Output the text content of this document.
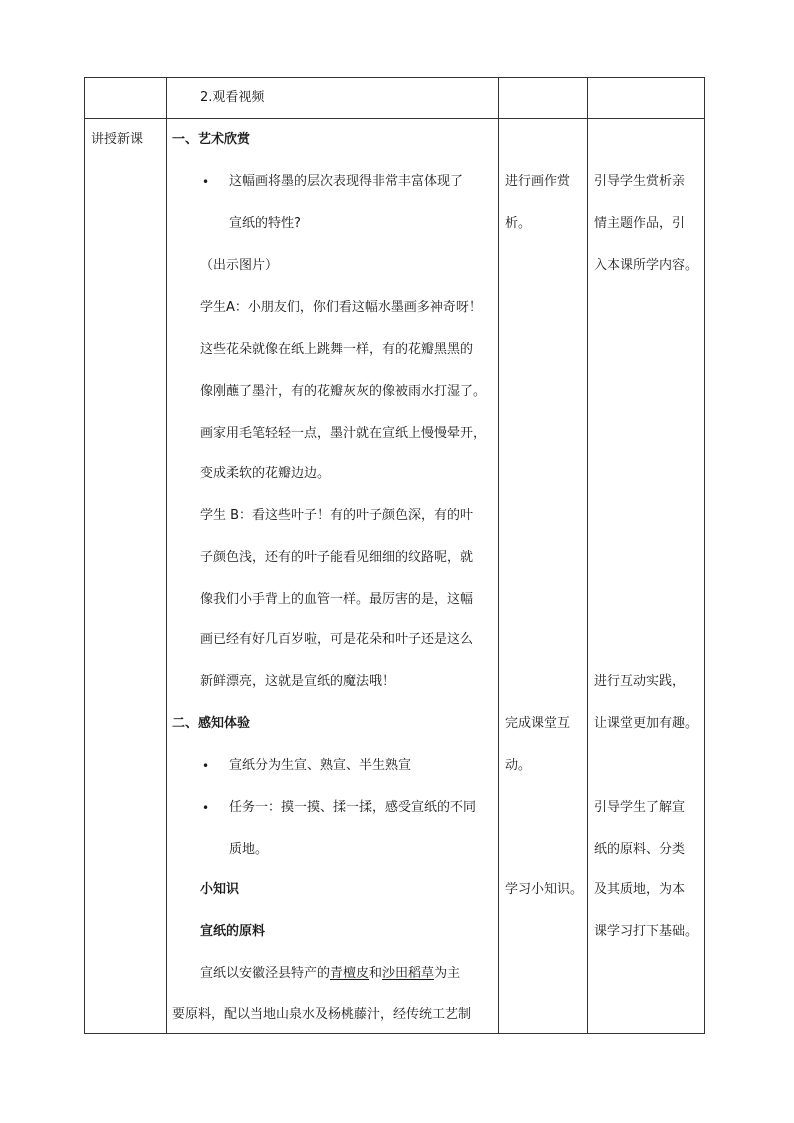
2.观看视频
讲授新课 一、艺术欣赏
• 这幅画将墨的层次表现得非常丰富体现了
宣纸的特性?
（出示图片）
学生A：小朋友们，你们看这幅水墨画多神奇呀！
这些花朵就像在纸上跳舞一样，有的花瓣黑黑的
像刚蘸了墨汁，有的花瓣灰灰的像被雨水打湿了。
画家用毛笔轻轻一点，墨汁就在宣纸上慢慢晕开，
变成柔软的花瓣边边。
学生 B：看这些叶子！有的叶子颜色深，有的叶
子颜色浅，还有的叶子能看见细细的纹路呢，就
像我们小手背上的血管一样。最厉害的是，这幅
画已经有好几百岁啦，可是花朵和叶子还是这么
新鲜漂亮，这就是宣纸的魔法哦！
二、感知体验
• 宣纸分为生宣、熟宣、半生熟宣
• 任务一：摸一摸、揉一揉，感受宣纸的不同
质地。
小知识
宣纸的原料
宣纸以安徽泾县特产的青檀皮和沙田稻草为主
要原料，配以当地山泉水及杨桃藤汁，经传统工艺制
进行画作赏
析。
完成课堂互
动。
学习小知识。
引导学生赏析亲
情主题作品，引
入本课所学内容。
进行互动实践，
让课堂更加有趣。
引导学生了解宣
纸的原料、分类
及其质地，为本
课学习打下基础。
